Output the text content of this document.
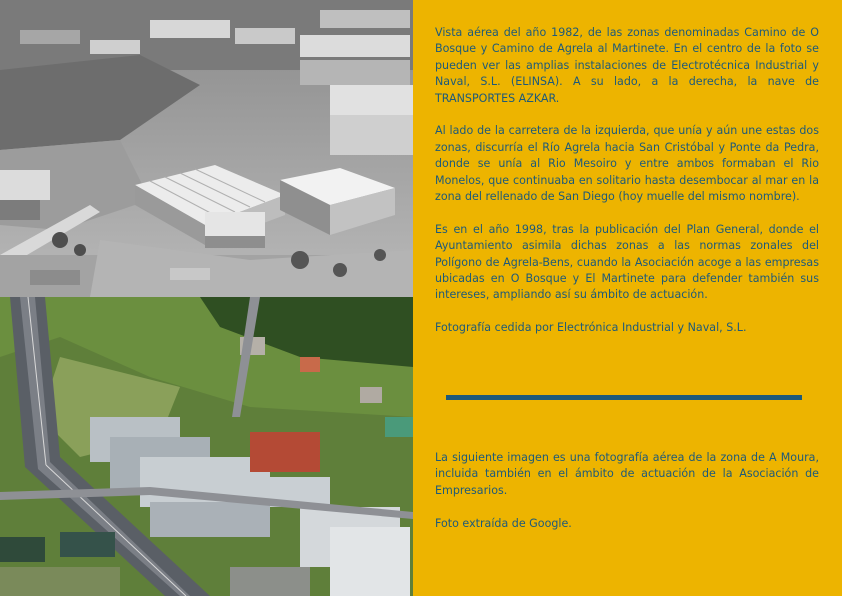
Vista aérea del año 1982, de las zonas denominadas Camino de O Bosque y Camino de Agrela al Martinete. En el centro de la foto se pueden ver las amplias instalaciones de Electrotécnica Industrial y Naval, S.L. (ELINSA). A su lado, a la derecha, la nave de TRANSPORTES AZKAR.

Al lado de la carretera de la izquierda, que unía y aún une estas dos zonas, discurría el Río Agrela hacia San Cristóbal y Ponte da Pedra, donde se unía al Rio Mesoiro y entre ambos formaban el Rio Monelos, que continuaba en solitario hasta desembocar al mar en la zona del rellenado de San Diego (hoy muelle del mismo nombre).

Es en el año 1998, tras la publicación del Plan General, donde el Ayuntamiento asimila dichas zonas a las normas zonales del Polígono de Agrela-Bens, cuando la Asociación acoge a las empresas ubicadas en O Bosque y El Martinete para defender también sus intereses, ampliando así su ámbito de actuación.

Fotografía cedida por Electrónica Industrial y Naval, S.L.

La siguiente imagen es una fotografía aérea de la zona de A Moura, incluida también en el ámbito de actuación de la Asociación de Empresarios.

Foto extraída de Google.
